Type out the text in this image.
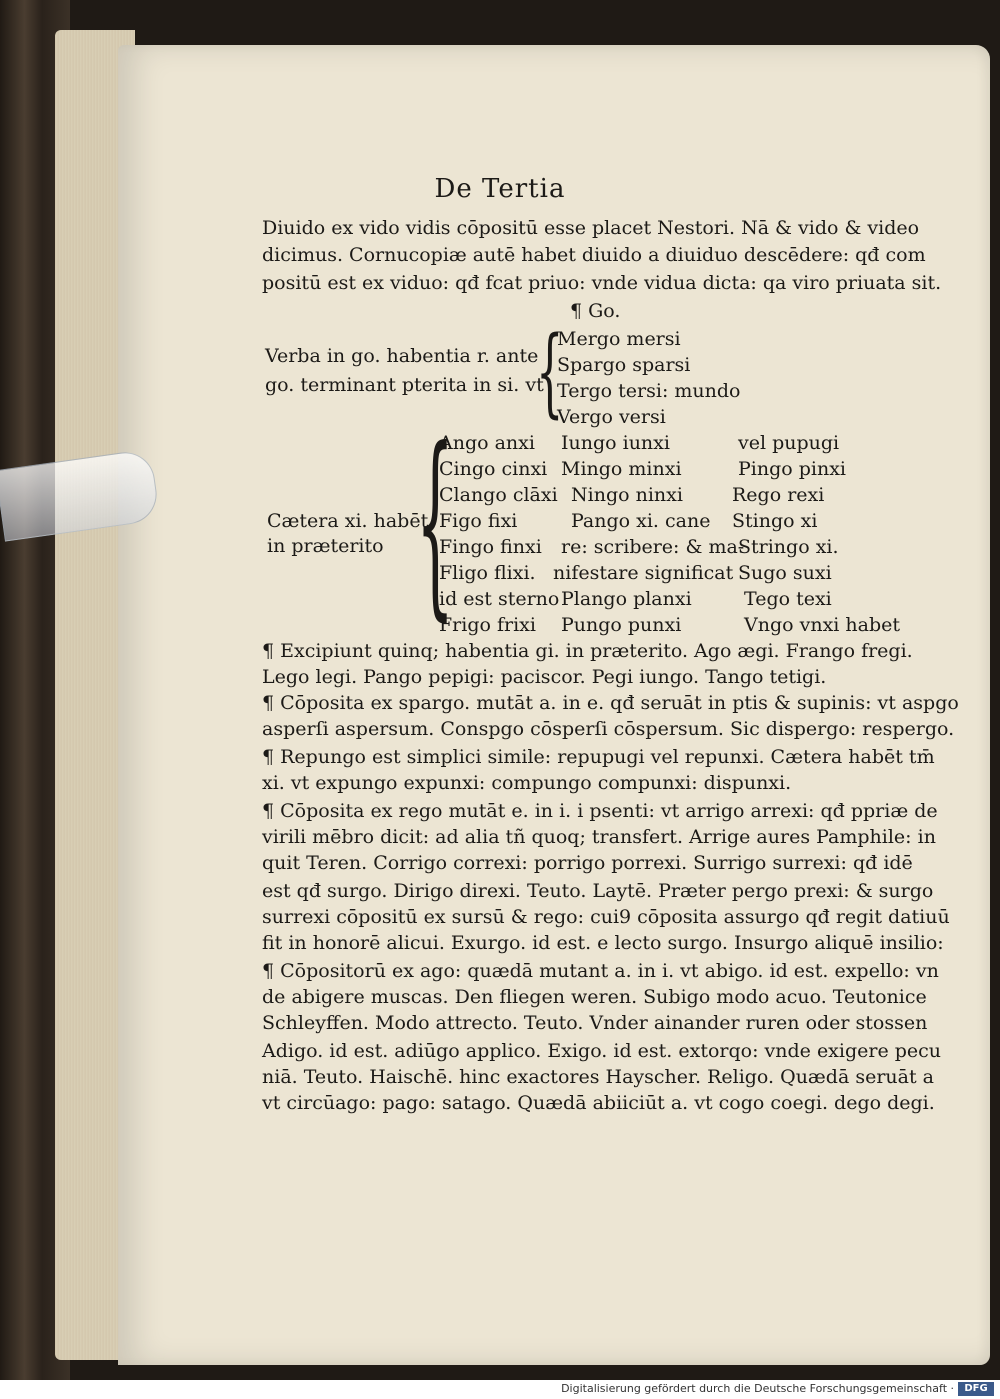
De Tertia
Diuido ex vido vidis cōpositū esse placet Nestori. Nā & vido & video
dicimus. Cornucopiæ autē habet diuido a diuiduo descēdere: qđ com
positū est ex viduo: qđ fcat priuo: vnde vidua dicta: qa viro priuata sit.
¶ Go.
Verba in go. habentia r. ante
go. terminant pterita in si. vt
{
Mergo mersi
Spargo sparsi
Tergo tersi: mundo
Vergo versi
Cætera xi. habēt
in præterito {
Ango anxi
Cingo cinxi
Clango clāxi
Figo fixi
Fingo finxi
Fligo flixi.
id est sterno
Frigo frixi
Iungo iunxi
Mingo minxi
Ningo ninxi
Pango xi. cane
re: scribere: & ma-
nifestare significat
Plango planxi
Pungo punxi
vel pupugi
Pingo pinxi
Rego rexi
Stingo xi
Stringo xi.
Sugo suxi
Tego texi
Vngo vnxi habet
¶ Excipiunt quinq; habentia gi. in præterito. Ago ægi. Frango fregi.
Lego legi. Pango pepigi: paciscor. Pegi iungo. Tango tetigi.
¶ Cōposita ex spargo. mutāt a. in e. qđ seruāt in ptis & supinis: vt aspgo
asperſi aspersum. Conspgo cōsperſi cōspersum. Sic dispergo: respergo.
¶ Repungo est simplici simile: repupugi vel repunxi. Cætera habēt tm̄
xi. vt expungo expunxi: compungo compunxi: dispunxi.
¶ Cōposita ex rego mutāt e. in i. i psenti: vt arrigo arrexi: qđ ppriæ de
virili mēbro dicit: ad alia tñ quoq; transfert. Arrige aures Pamphile: in
quit Teren. Corrigo correxi: porrigo porrexi. Surrigo surrexi: qđ idē
est qđ surgo. Dirigo direxi. Teuto. Laytē. Præter pergo prexi: & surgo
surrexi cōpositū ex sursū & rego: cui9 cōposita assurgo qđ regit datiuū
fit in honorē alicui. Exurgo. id est. e lecto surgo. Insurgo aliquē insilio:
¶ Cōpositorū ex ago: quædā mutant a. in i. vt abigo. id est. expello: vn
de abigere muscas. Den fliegen weren. Subigo modo acuo. Teutonice
Schleyffen. Modo attrecto. Teuto. Vnder ainander ruren oder stossen
Adigo. id est. adiūgo applico. Exigo. id est. extorqo: vnde exigere pecu
niā. Teuto. Haischē. hinc exactores Hayscher. Religo. Quædā seruāt a
vt circūago: pago: satago. Quædā abiiciūt a. vt cogo coegi. dego degi.
Digitalisierung gefördert durch die Deutsche Forschungsgemeinschaft ·	DFG
